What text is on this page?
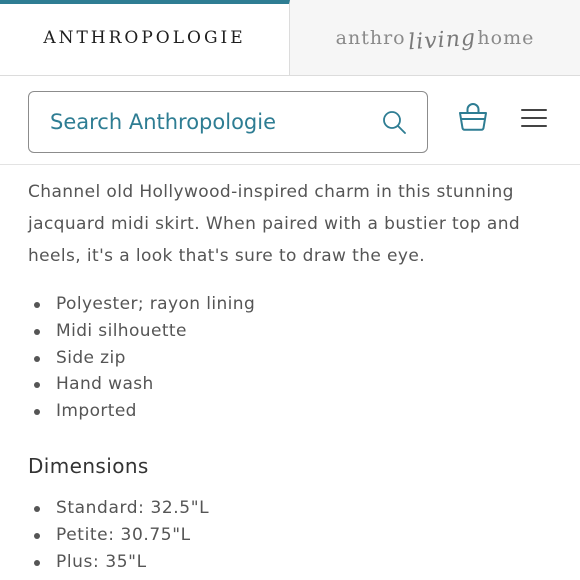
ANTHROPOLOGIE	anthro living home
Search Anthropologie

Channel old Hollywood-inspired charm in this stunning jacquard midi skirt. When paired with a bustier top and heels, it's a look that's sure to draw the eye.

Polyester; rayon lining
Midi silhouette
Side zip
Hand wash
Imported
Dimensions
Standard: 32.5"L
Petite: 30.75"L
Plus: 35"L
